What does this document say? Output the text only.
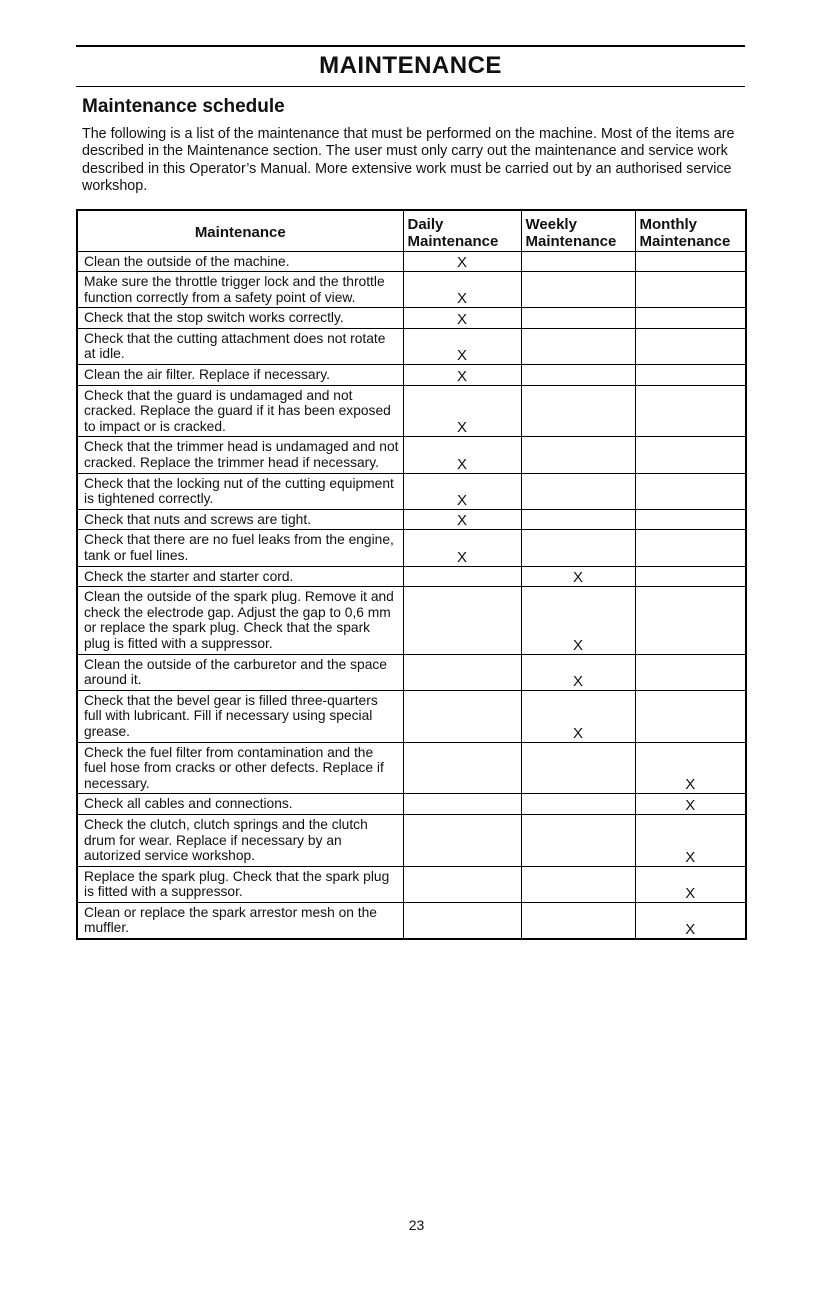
MAINTENANCE
Maintenance schedule

The following is a list of the maintenance that must be performed on the machine. Most of the items are described in the Maintenance section. The user must only carry out the maintenance and service work described in this Operator’s Manual. More extensive work must be carried out by an authorised service workshop.

Maintenance	Daily Maintenance	Weekly Maintenance	Monthly Maintenance
Clean the outside of the machine.	X		
Make sure the throttle trigger lock and the throttle function correctly from a safety point of view.	X		
Check that the stop switch works correctly.	X		
Check that the cutting attachment does not rotate at idle.	X		
Clean the air filter. Replace if necessary.	X		
Check that the guard is undamaged and not cracked. Replace the guard if it has been exposed to impact or is cracked.	X		
Check that the trimmer head is undamaged and not cracked. Replace the trimmer head if necessary.	X		
Check that the locking nut of the cutting equipment is tightened correctly.	X		
Check that nuts and screws are tight.	X		
Check that there are no fuel leaks from the engine, tank or fuel lines.	X		
Check the starter and starter cord.		X	
Clean the outside of the spark plug. Remove it and check the electrode gap. Adjust the gap to 0,6 mm or replace the spark plug. Check that the spark plug is fitted with a suppressor.		X	
Clean the outside of the carburetor and the space around it.		X	
Check that the bevel gear is filled three-quarters full with lubricant. Fill if necessary using special grease.		X	
Check the fuel filter from contamination and the fuel hose from cracks or other defects. Replace if necessary.			X
Check all cables and connections.			X
Check the clutch, clutch springs and the clutch drum for wear. Replace if necessary by an autorized service workshop.			X
Replace the spark plug. Check that the spark plug is fitted with a suppressor.			X
Clean or replace the spark arrestor mesh on the muffler.			X
23
